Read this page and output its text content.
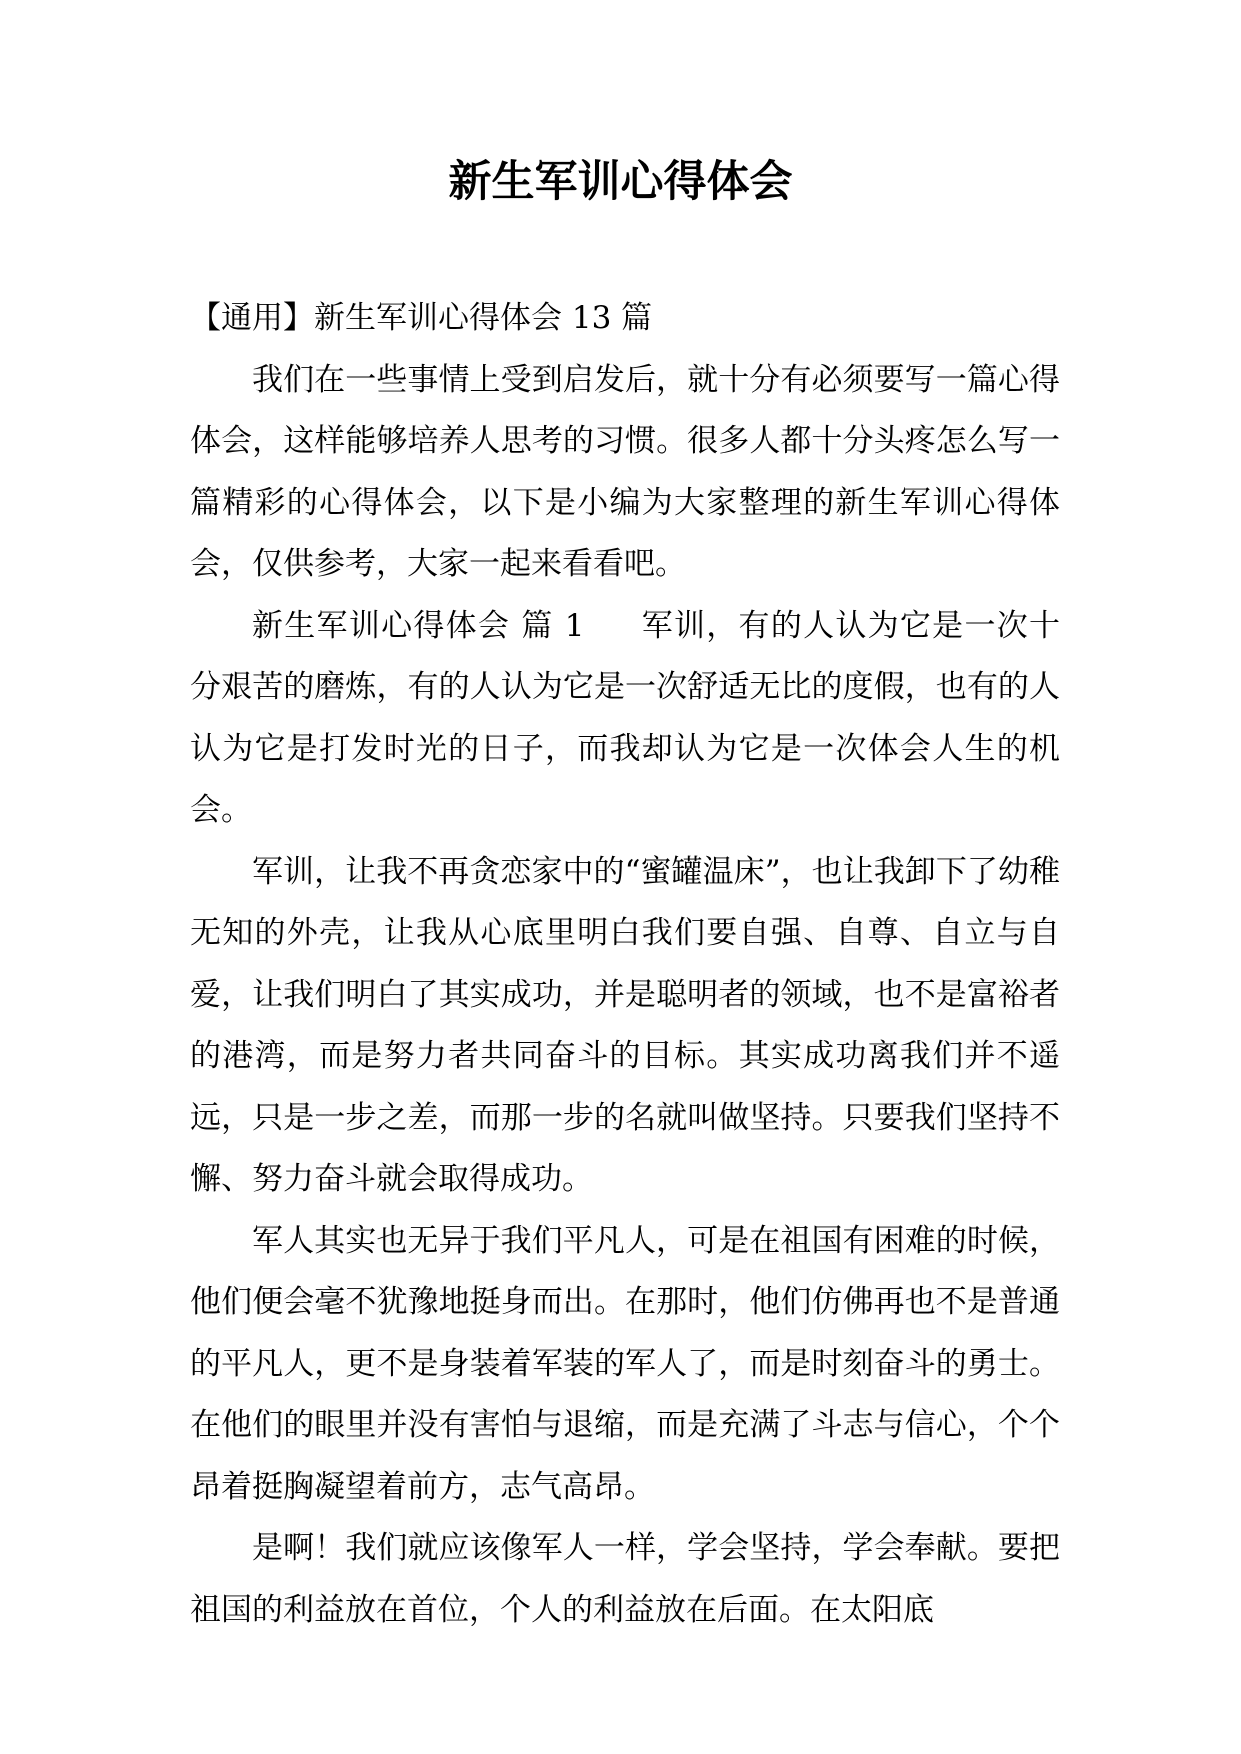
新生军训心得体会

【通用】新生军训心得体会 13 篇

我们在一些事情上受到启发后，就十分有必须要写一篇心得体会，这样能够培养人思考的习惯。很多人都十分头疼怎么写一篇精彩的心得体会，以下是小编为大家整理的新生军训心得体会，仅供参考，大家一起来看看吧。

新生军训心得体会 篇 1 军训，有的人认为它是一次十分艰苦的磨炼，有的人认为它是一次舒适无比的度假，也有的人认为它是打发时光的日子，而我却认为它是一次体会人生的机会。

军训，让我不再贪恋家中的“蜜罐温床”，也让我卸下了幼稚无知的外壳，让我从心底里明白我们要自强、自尊、自立与自爱，让我们明白了其实成功，并是聪明者的领域，也不是富裕者的港湾，而是努力者共同奋斗的目标。其实成功离我们并不遥远，只是一步之差，而那一步的名就叫做坚持。只要我们坚持不懈、努力奋斗就会取得成功。

军人其实也无异于我们平凡人，可是在祖国有困难的时候，他们便会毫不犹豫地挺身而出。在那时，他们仿佛再也不是普通的平凡人，更不是身装着军装的军人了，而是时刻奋斗的勇士。在他们的眼里并没有害怕与退缩，而是充满了斗志与信心，个个昂着挺胸凝望着前方，志气高昂。

是啊！我们就应该像军人一样，学会坚持，学会奉献。要把祖国的利益放在首位，个人的利益放在后面。在太阳底
